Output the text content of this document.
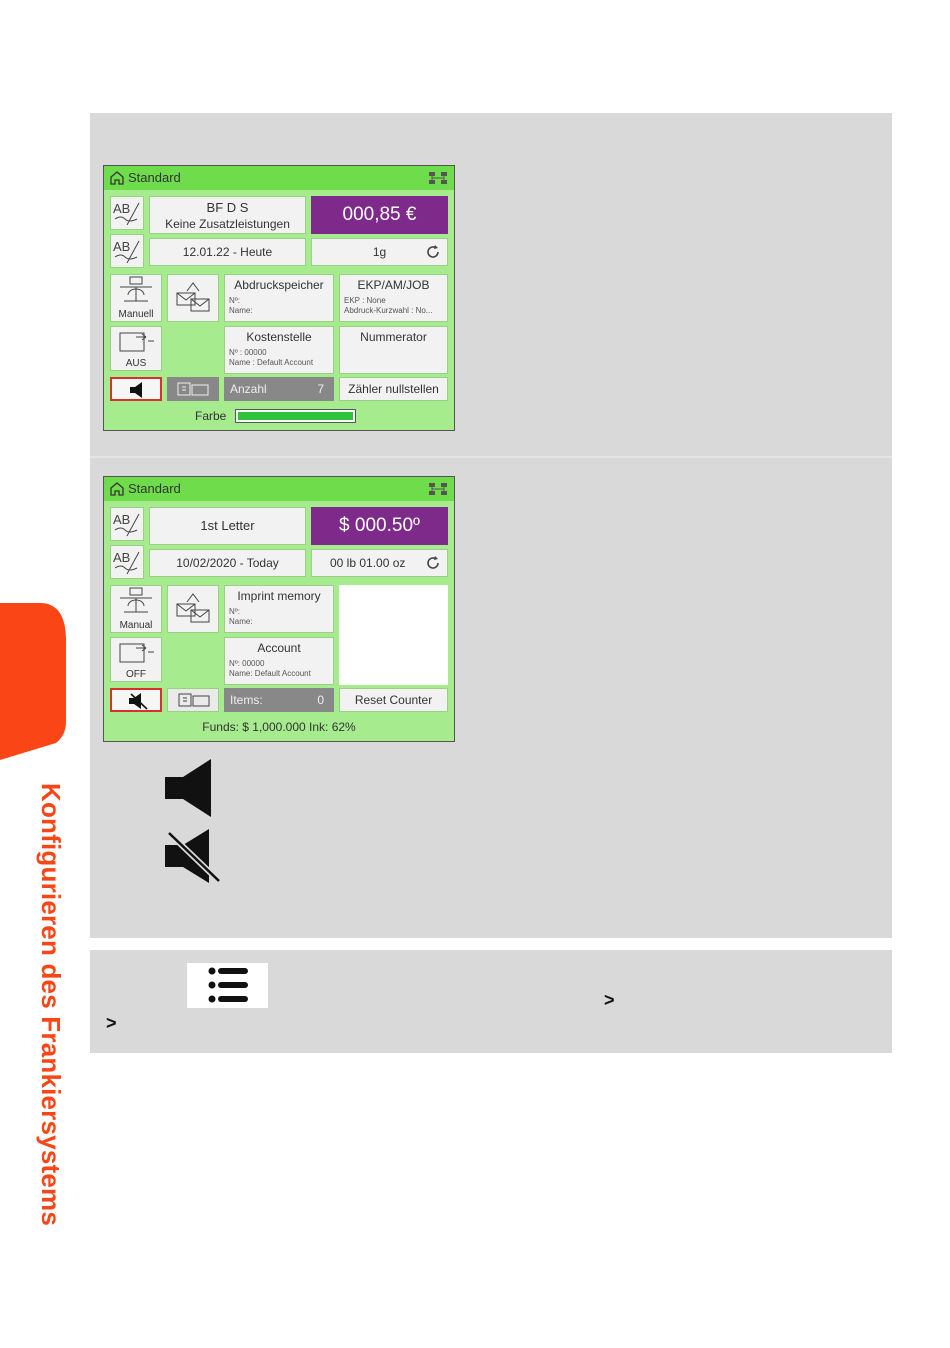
Konfigurieren des Frankiersystems
Standard
AB
AB
BF D S
Keine Zusatzleistungen	000,85 €
12.01.22 - Heute	1g
Manuell
Abdruckspeicher
Nº:
Name:
EKP/AM/JOB
EKP : None
Abdruck-Kurzwahl : No...
AUS
Kostenstelle
Nº : 00000
Name : Default Account
Nummerator
Anzahl	7	Zähler nullstellen
Farbe
Standard
AB
AB
1st Letter	$ 000.50º
10/02/2020 - Today	00 lb 01.00 oz
Manual
Imprint memory
Nº:
Name:
OFF
Account
Nº: 00000
Name: Default Account
Items:	0	Reset Counter
Funds: $ 1,000.000 Ink: 62%
>
>
